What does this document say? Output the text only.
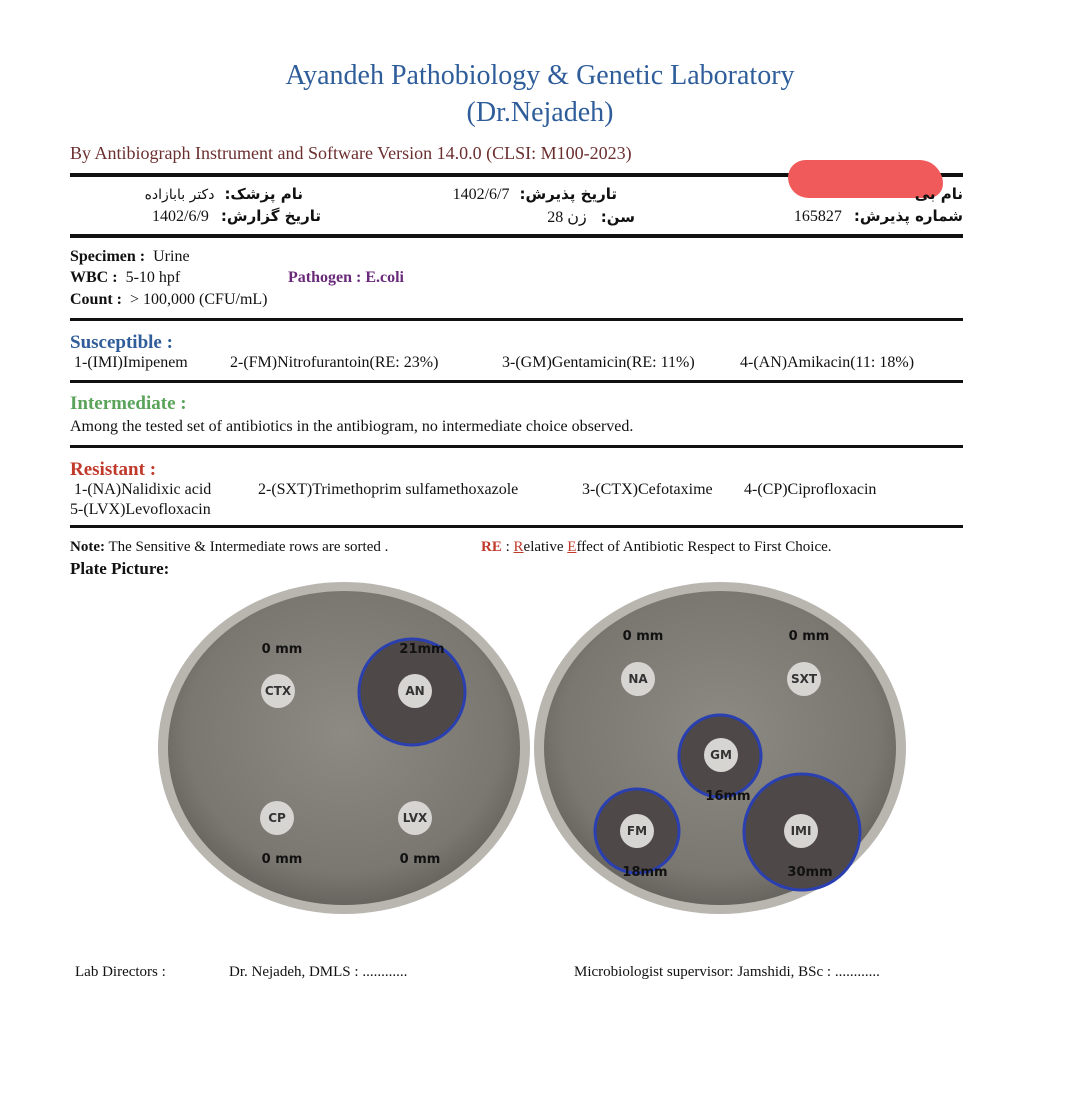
Ayandeh Pathobiology & Genetic Laboratory
(Dr.Nejadeh)
By Antibiograph Instrument and Software Version 14.0.0 (CLSI: M100-2023)
نام بی
شماره پذیرش: 165827
تاریخ پذیرش: 1402/6/7
سن: زن 28
نام پزشک: دکتر بابازاده
تاریخ گزارش: 1402/6/9
Specimen : Urine
WBC : 5-10 hpf	Pathogen : E.coli
Count : > 100,000 (CFU/mL)
Susceptible :
1-(IMI)Imipenem	2-(FM)Nitrofurantoin(RE: 23%)	3-(GM)Gentamicin(RE: 11%)	4-(AN)Amikacin(11: 18%)
Intermediate :
Among the tested set of antibiotics in the antibiogram, no intermediate choice observed.
Resistant :
1-(NA)Nalidixic acid	2-(SXT)Trimethoprim sulfamethoxazole	3-(CTX)Cefotaxime 4-(CP)Ciprofloxacin
5-(LVX)Levofloxacin
Note: The Sensitive & Intermediate rows are sorted .	RE : Relative Effect of Antibiotic Respect to First Choice.
Plate Picture:
CTX
0 mm
AN
21mm
CP
0 mm
LVX
0 mm
NA
0 mm
SXT
0 mm
GM
16mm
FM
18mm
IMI
30mm
Lab Directors :	Dr. Nejadeh, DMLS : ............	Microbiologist supervisor: Jamshidi, BSc : ............
